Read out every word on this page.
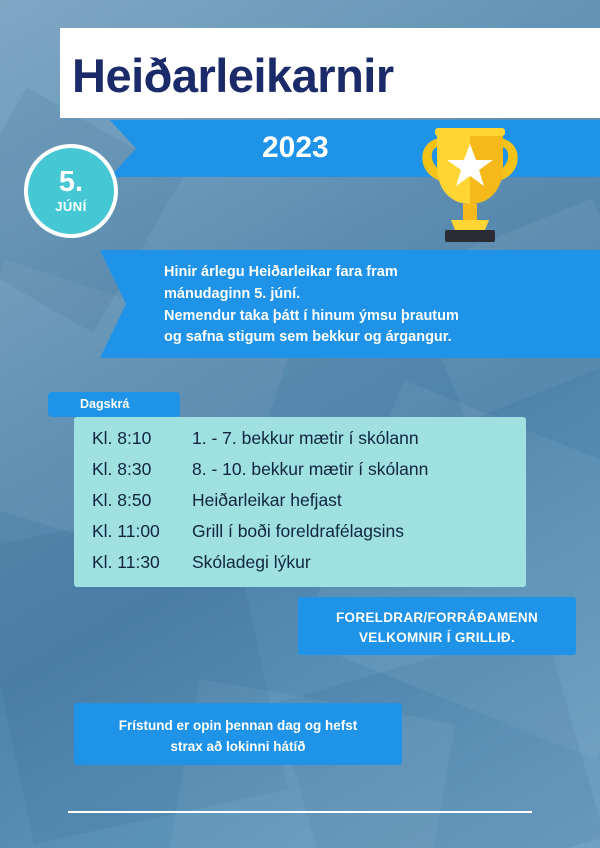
Heiðarleikarnir
2023
5.
JÚNÍ
Hinir árlegu Heiðarleikar fara fram
mánudaginn 5. júní.
Nemendur taka þátt í hinum ýmsu þrautum
og safna stigum sem bekkur og árgangur.
Dagskrá
Kl. 8:10	1. - 7. bekkur mætir í skólann
Kl. 8:30	8. - 10. bekkur mætir í skólann
Kl. 8:50	Heiðarleikar hefjast
Kl. 11:00	Grill í boði foreldrafélagsins
Kl. 11:30	Skóladegi lýkur
FORELDRAR/FORRÁÐAMENN
VELKOMNIR Í GRILLIÐ.
Frístund er opin þennan dag og hefst
strax að lokinni hátíð
